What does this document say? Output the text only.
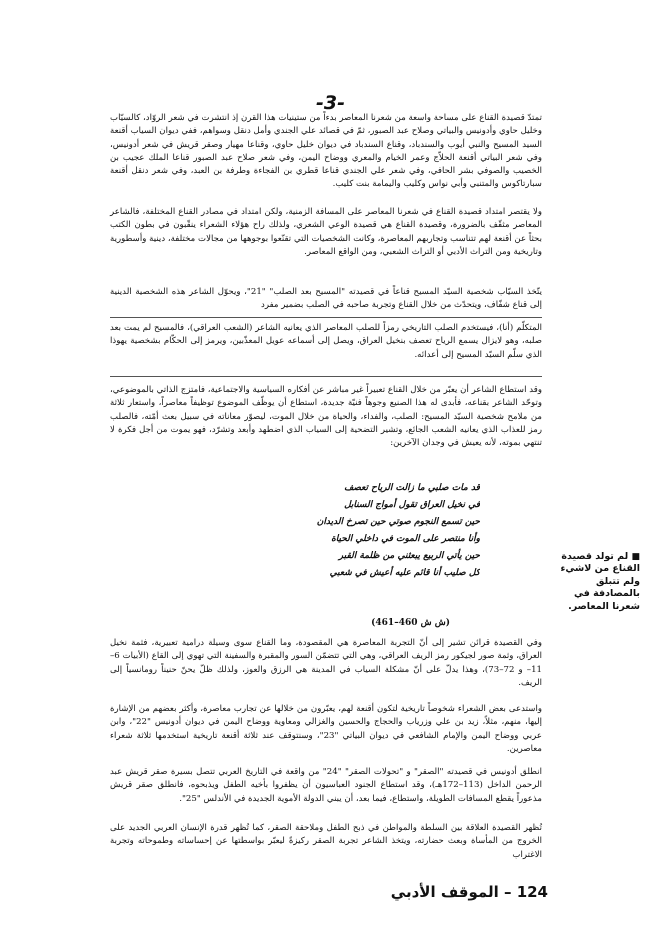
-3-

تمتدّ قصيدة القناع على مساحة واسعة من شعرنا المعاصر بدءاً من ستينيات هذا القرن إذ انتشرت في شعر الروّاد، كالسيّاب وخليل حاوي وأدونيس والبياتي وصلاح عبد الصبور، ثمّ في قصائد علي الجندي وأمل دنقل وسواهم، ففي ديوان السياب أقنعة السيد المسيح والنبي أيوب والسندباد، وقناع السندباد في ديوان خليل حاوي، وقناعا مهيار وصقر قريش في شعر أدونيس، وفي شعر البياتي أقنعة الحلاّج وعمر الخيام والمعري ووضاح اليمن، وفي شعر صلاح عبد الصبور قناعا الملك عجيب بن الخصيب والصوفي بشر الحافي، وفي شعر علي الجندي قناعا قطري بن الفجاءة وطرفة بن العبد، وفي شعر دنقل أقنعة سبارتاكوس والمتنبي وأبي نواس وكليب واليمامة بنت كليب.

ولا يقتصر امتداد قصيدة القناع في شعرنا المعاصر على المسافة الزمنية، ولكن امتداد في مصادر القناع المختلفة، فالشاعر المعاصر مثقّف بالضرورة، وقصيدة القناع هي قصيدة الوعي الشعري، ولذلك راح هؤلاء الشعراء ينقّبون في بطون الكتب بحثاً عن أقنعة لهم تتناسب وتجاربهم المعاصرة، وكانت الشخصيات التي تقنّعوا بوجوهها من مجالات مختلفة، دينية وأسطورية وتاريخية ومن التراث الأدبي أو التراث الشعبي، ومن الواقع المعاصر.

يتّخذ السيّاب شخصية السيّد المسيح قناعاً في قصيدته "المسيح بعد الصلب" "21"، ويحوّل الشاعر هذه الشخصية الدينية إلى قناع شفّاف، ويتحدّث من خلال القناع وتجربة صاحبه في الصلب بضمير مفرد

المتكلّم (أنا)، فيستخدم الصلب التاريخي رمزاً للصلب المعاصر الذي يعانيه الشاعر (الشعب العراقي)، فالمسيح لم يمت بعد صلبه، وهو لايزال يسمع الرياح تعصف بنخيل العراق، ويصل إلى أسماعه عويل المعذّبين، ويرمز إلى الحكّام بشخصية يهوذا الذي سلّم السيّد المسيح إلى أعدائه.

وقد استطاع الشاعر أن يعبّر من خلال القناع تعبيراً غير مباشر عن أفكاره السياسية والاجتماعية، فامتزج الذاتي بالموضوعي، وتوحّد الشاعر بقناعه، فأبدى له هذا الصنيع وجوهاً فنيّة جديدة، استطاع أن يوظّف الموضوع توظيفاً معاصراً، واستعار ثلاثة من ملامح شخصية السيّد المسيح: الصلب، والفداء، والحياة من خلال الموت، ليصوّر معاناته في سبيل بعث أمّته، فالصلب رمز للعذاب الذي يعانيه الشعب الجائع، وتشير التضحية إلى السياب الذي اضطهد وأبعد وتشرّد، فهو يموت من أجل فكرة لا تنتهي بموته، لأنه يعيش في وجدان الآخرين:

قد مات صلبي ما زالت الرياح تعصف
في نخيل العراق تقول أمواج السنابل
حين تسمع النجوم صوتي حين تصرخ الديدان
وأنا منتصر على الموت في داخلي الحياة
حين يأتي الربيع يبعثني من ظلمة القبر
كل صليب أنا قائم عليه أعيش في شعبي
(ش ش 460–461)

وفي القصيدة قرائن تشير إلى أنّ التجربة المعاصرة هي المقصودة، وما القناع سوى وسيلة درامية تعبيرية، فثمة نخيل العراق، وثمة صور لجيكور رمز الريف العراقي، وهي التي تتضمّن السور والمقبرة والسفينة التي تهوي إلى القاع (الأبيات 6–11– و 72–73)، وهذا يدلّ على أنّ مشكلة السياب في المدينة هي الرزق والعوز، ولذلك ظلّ يحنّ حنيناً رومانسياً إلى الريف.

واستدعى بعض الشعراء شخوصاً تاريخية لتكون أقنعة لهم، يعبّرون من خلالها عن تجارب معاصرة، وأكثر بعضهم من الإشارة إليها، منهم، مثلاً، زيد بن علي وزرياب والحجاج والحسين والغزالي ومعاوية ووضاح اليمن في ديوان أدونيس "22"، وابن عربي ووضاح اليمن والإمام الشافعي في ديوان البياتي "23"، وسنتوقف عند ثلاثة أقنعة تاريخية استخدمها ثلاثة شعراء معاصرين.

انطلق أدونيس في قصيدته "الصقر" و "تحولات الصقر" "24" من واقعة في التاريخ العربي تتصل بسيرة صقر قريش عبد الرحمن الداخل (113–172هـ)، وقد استطاع الجنود العباسيون أن يظفروا بأخيه الطفل ويذبحوه، فانطلق صقر قريش مذعوراً يقطع المسافات الطويلة، واستطاع، فيما بعد، أن يبني الدولة الأموية الجديدة في الأندلس "25".

تُظهر القصيدة العلاقة بين السلطة والمواطن في ذبح الطفل وملاحقة الصقر، كما تُظهر قدرة الإنسان العربي الجديد على الخروج من المأساة وبعث حضارته، ويتخذ الشاعر تجربة الصقر ركيزةً ليعبّر بواسطتها عن إحساساته وطموحاته وتجربة الاغتراب

■ لم تولد قصيدة القناع من لاشيء ولم تتبلق بالمصادفة في شعرنا المعاصر.
124 – الموقف الأدبي
